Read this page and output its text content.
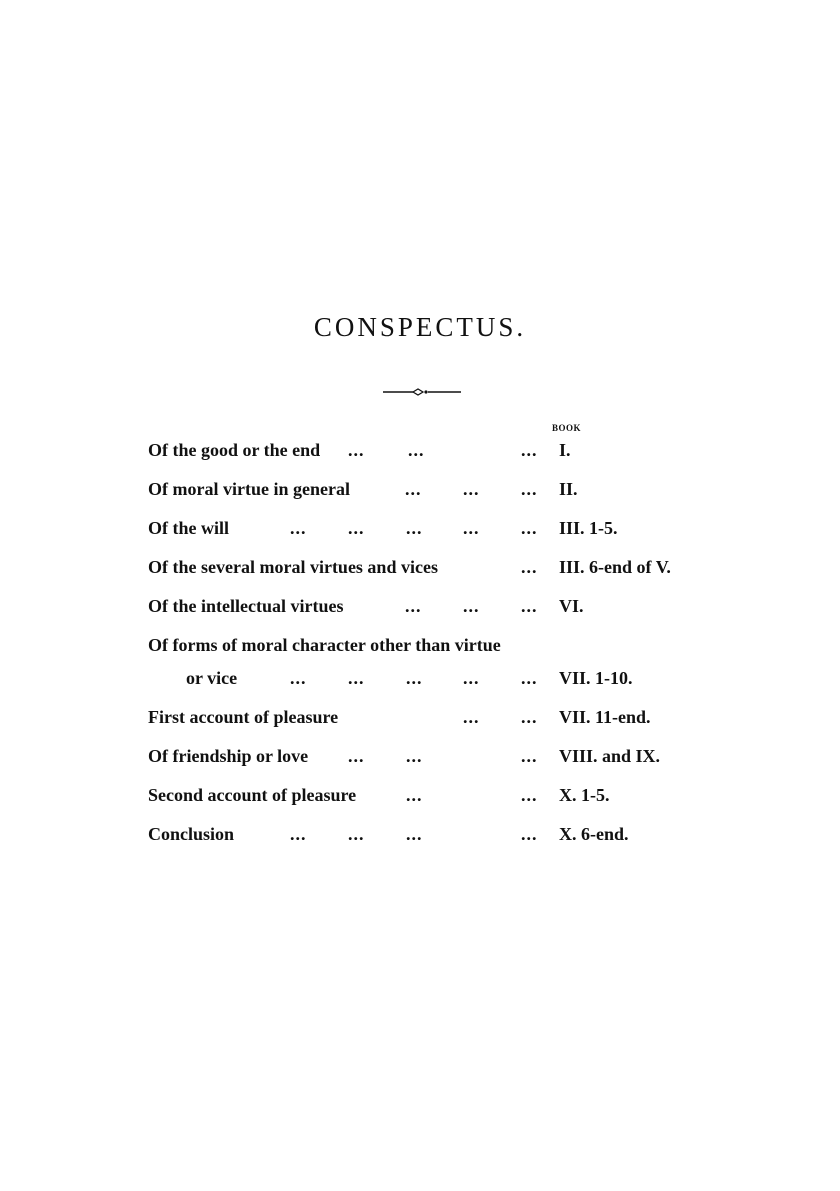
CONSPECTUS.
BOOK
Of the good or the end ... ...	... I.
Of moral virtue in general	... ... ... II.
Of the will	... ... ... ... ... III. 1-5.
Of the several moral virtues and vices	... III. 6-end of V.
Of the intellectual virtues	... ... ... VI.
Of forms of moral character other than virtue
or vice	... ... ... ... ... VII. 1-10.
First account of pleasure	... ... VII. 11-end.
Of friendship or love ... ...	... VIII. and IX.
Second account of pleasure	...	... X. 1-5.
Conclusion	... ... ...	... X. 6-end.
